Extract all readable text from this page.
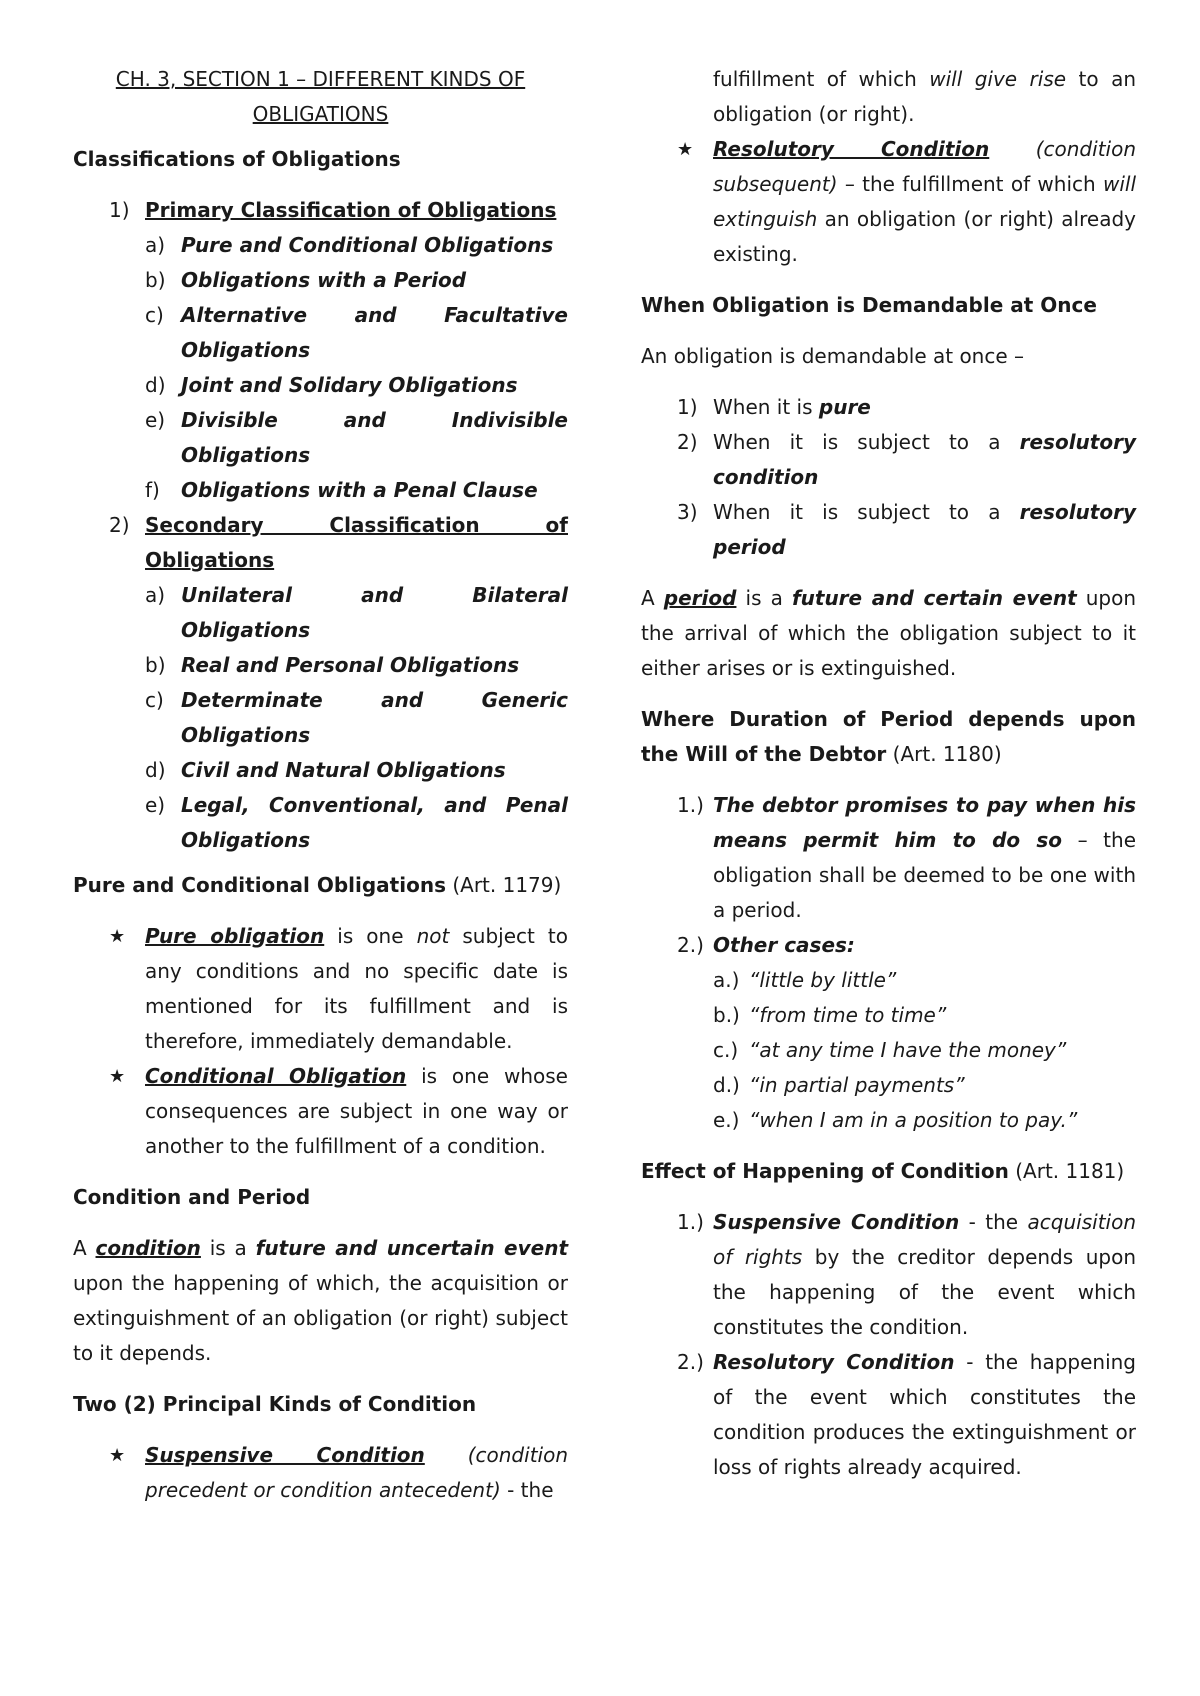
CH. 3, SECTION 1 – DIFFERENT KINDS OF
OBLIGATIONS
Classifications of Obligations
1) Primary Classification of Obligations
a) Pure and Conditional Obligations
b) Obligations with a Period
c) Alternative and Facultative Obligations
d) Joint and Solidary Obligations
e) Divisible and Indivisible Obligations
f)	Obligations with a Penal Clause
2) Secondary Classification of Obligations
a) Unilateral and Bilateral Obligations
b) Real and Personal Obligations
c) Determinate and Generic Obligations
d) Civil and Natural Obligations
e) Legal, Conventional, and Penal Obligations
Pure and Conditional Obligations (Art. 1179)
★ Pure obligation is one not subject to any conditions and no specific date is mentioned for its fulfillment and is therefore, immediately demandable.
★ Conditional Obligation is one whose consequences are subject in one way or another to the fulfillment of a condition.
Condition and Period
A condition is a future and uncertain event upon the happening of which, the acquisition or extinguishment of an obligation (or right) subject to it depends.
Two (2) Principal Kinds of Condition
★ Suspensive Condition (condition precedent or condition antecedent) - the
fulfillment of which will give rise to an obligation (or right).
★ Resolutory Condition (condition subsequent) – the fulfillment of which will extinguish an obligation (or right) already existing.
When Obligation is Demandable at Once
An obligation is demandable at once –
1) When it is pure
2) When it is subject to a resolutory condition
3) When it is subject to a resolutory period
A period is a future and certain event upon the arrival of which the obligation subject to it either arises or is extinguished.
Where Duration of Period depends upon the Will of the Debtor (Art. 1180)
1.) The debtor promises to pay when his means permit him to do so – the obligation shall be deemed to be one with a period.
2.) Other cases:
a.) “little by little”
b.) “from time to time”
c.) “at any time I have the money”
d.) “in partial payments”
e.) “when I am in a position to pay.”
Effect of Happening of Condition (Art. 1181)
1.) Suspensive Condition - the acquisition of rights by the creditor depends upon the happening of the event which constitutes the condition.
2.) Resolutory Condition - the happening of the event which constitutes the condition produces the extinguishment or loss of rights already acquired.
